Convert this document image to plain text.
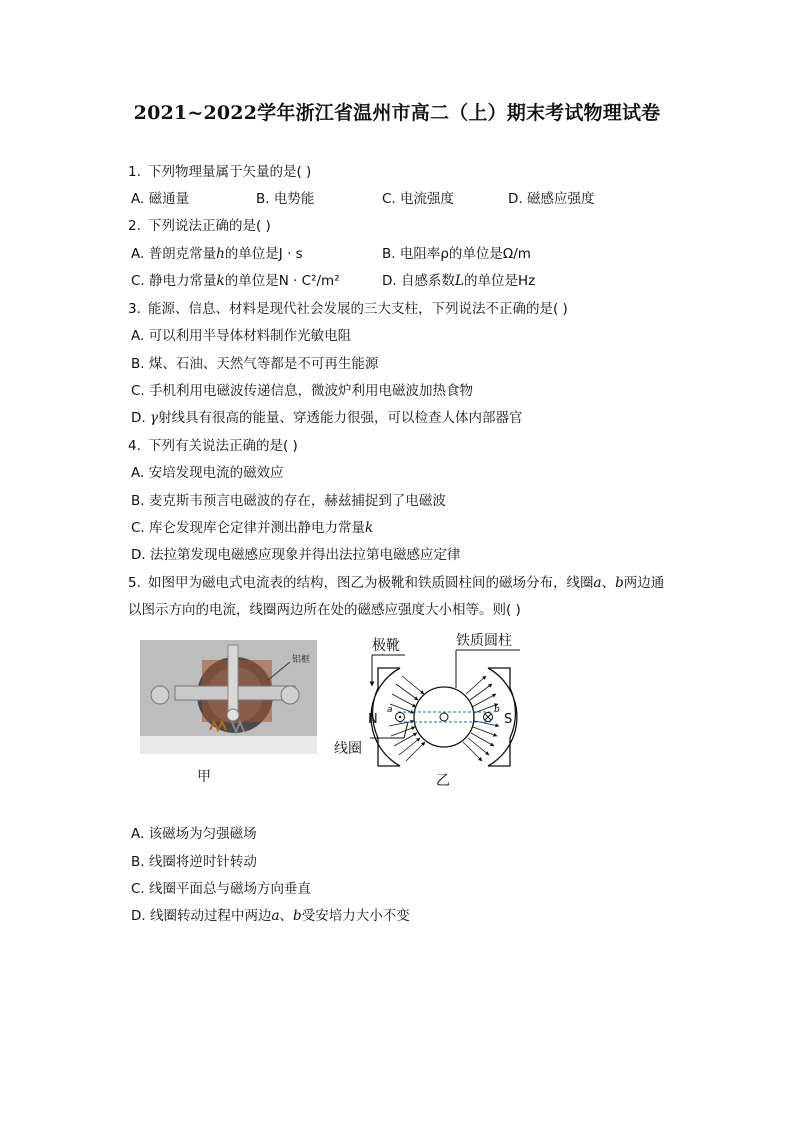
2021~2022学年浙江省温州市高二（上）期末考试物理试卷
1. 下列物理量属于矢量的是( )
A. 磁通量	B. 电势能	C. 电流强度	D. 磁感应强度
2. 下列说法正确的是( )
A. 普朗克常量h的单位是J · s	B. 电阻率ρ的单位是Ω/m
C. 静电力常量k的单位是N · C²/m²	D. 自感系数L的单位是Hz
3. 能源、信息、材料是现代社会发展的三大支柱，下列说法不正确的是( )
A. 可以利用半导体材料制作光敏电阻
B. 煤、石油、天然气等都是不可再生能源
C. 手机利用电磁波传递信息，微波炉利用电磁波加热食物
D. γ射线具有很高的能量、穿透能力很强，可以检查人体内部器官
4. 下列有关说法正确的是( )
A. 安培发现电流的磁效应
B. 麦克斯韦预言电磁波的存在，赫兹捕捉到了电磁波
C. 库仑发现库仑定律并测出静电力常量k
D. 法拉第发现电磁感应现象并得出法拉第电磁感应定律
5. 如图甲为磁电式电流表的结构，图乙为极靴和铁质圆柱间的磁场分布，线圈a、b两边通
以图示方向的电流，线圈两边所在处的磁感应强度大小相等。则( )
铝框
甲
极靴	铁质圆柱
线圈
N	S
a	b
乙
A. 该磁场为匀强磁场
B. 线圈将逆时针转动
C. 线圈平面总与磁场方向垂直
D. 线圈转动过程中两边a、b受安培力大小不变
